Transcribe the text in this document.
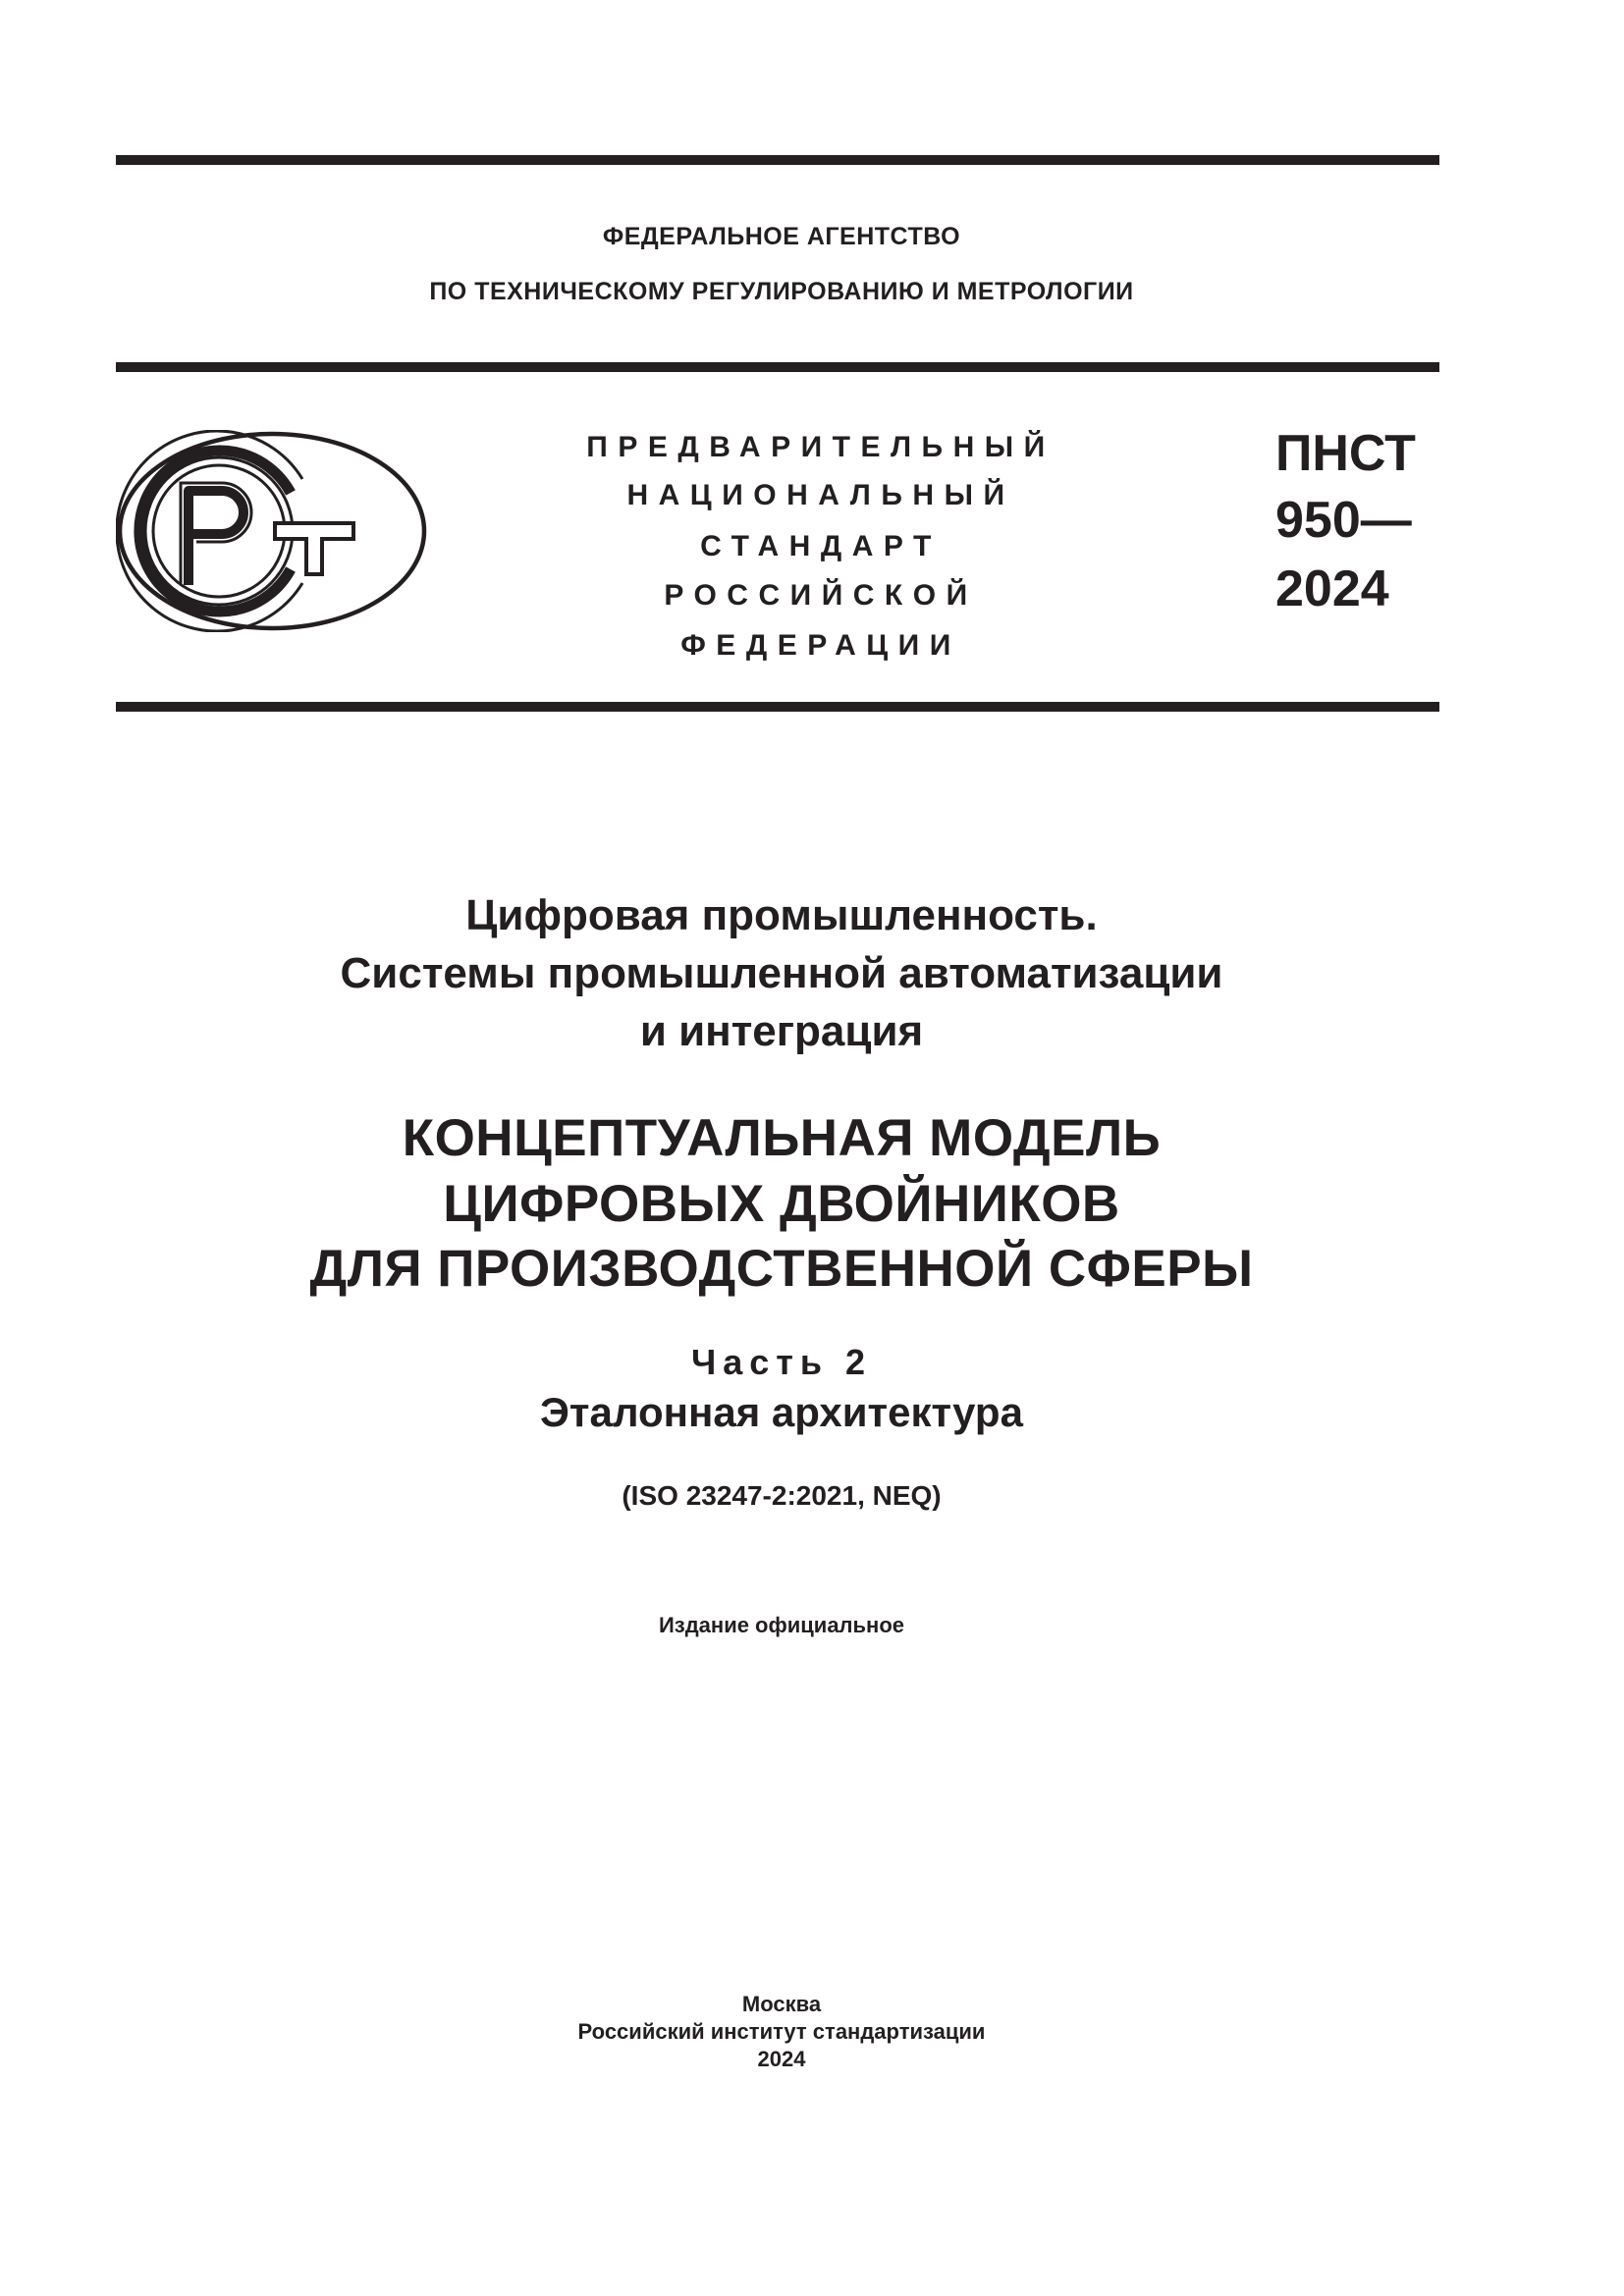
ФЕДЕРАЛЬНОЕ АГЕНТСТВО
ПО ТЕХНИЧЕСКОМУ РЕГУЛИРОВАНИЮ И МЕТРОЛОГИИ
ПРЕДВАРИТЕЛЬНЫЙ
НАЦИОНАЛЬНЫЙ
СТАНДАРТ
РОССИЙСКОЙ
ФЕДЕРАЦИИ
ПНСТ
950—
2024
Цифровая промышленность.
Системы промышленной автоматизации
и интеграция
КОНЦЕПТУАЛЬНАЯ МОДЕЛЬ
ЦИФРОВЫХ ДВОЙНИКОВ
ДЛЯ ПРОИЗВОДСТВЕННОЙ СФЕРЫ
Часть 2
Эталонная архитектура
(ISO 23247-2:2021, NEQ)
Издание официальное
Москва
Российский институт стандартизации
2024
